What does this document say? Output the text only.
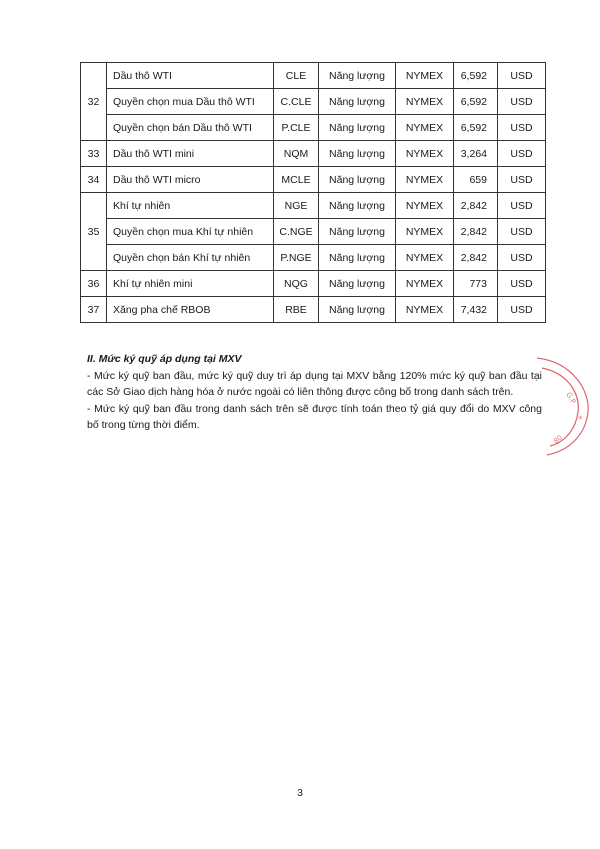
32	Dầu thô WTI	CLE	Năng lượng	NYMEX	6,592	USD
	Quyền chọn mua Dầu thô WTI	C.CLE	Năng lượng	NYMEX	6,592	USD
	Quyền chọn bán Dầu thô WTI	P.CLE	Năng lượng	NYMEX	6,592	USD
33	Dầu thô WTI mini	NQM	Năng lượng	NYMEX	3,264	USD
34	Dầu thô WTI micro	MCLE	Năng lượng	NYMEX	659	USD
35	Khí tự nhiên	NGE	Năng lượng	NYMEX	2,842	USD
	Quyền chọn mua Khí tự nhiên	C.NGE	Năng lượng	NYMEX	2,842	USD
	Quyền chọn bán Khí tự nhiên	P.NGE	Năng lượng	NYMEX	2,842	USD
36	Khí tự nhiên mini	NQG	Năng lượng	NYMEX	773	USD
37	Xăng pha chế RBOB	RBE	Năng lượng	NYMEX	7,432	USD
II. Mức ký quỹ áp dụng tại MXV

- Mức ký quỹ ban đầu, mức ký quỹ duy trì áp dụng tại MXV bằng 120% mức ký quỹ ban đầu tại các Sở Giao dịch hàng hóa ở nước ngoài có liên thông được công bố trong danh sách trên.

- Mức ký quỹ ban đầu trong danh sách trên sẽ được tính toán theo tỷ giá quy đổi do MXV công bố trong từng thời điểm.

G.P
*
80
3
